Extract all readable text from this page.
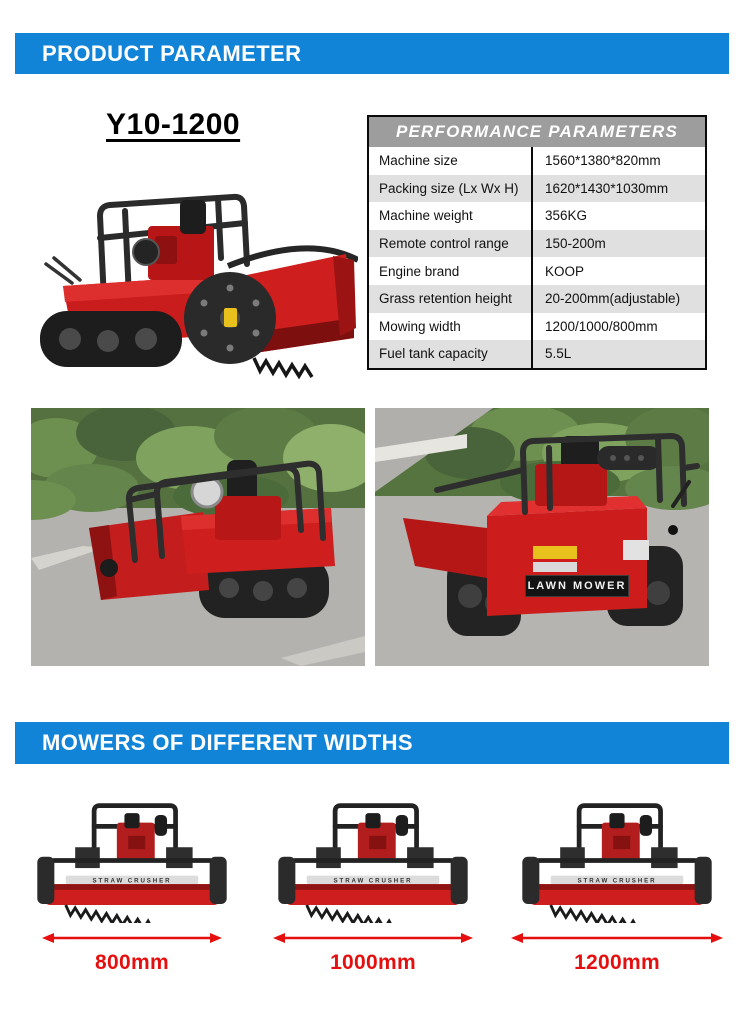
PRODUCT PARAMETER
Y10-1200	PERFORMANCE PARAMETERS
Machine size	1560*1380*820mm
Packing size (Lx Wx H)	1620*1430*1030mm
Machine weight	356KG
Remote control range	150-200m
Engine brand	KOOP
Grass retention height	20-200mm(adjustable)
Mowing width	1200/1000/800mm
Fuel tank capacity	5.5L
LAWN MOWER
MOWERS OF DIFFERENT WIDTHS
STRAW CRUSHER
800mm
STRAW CRUSHER
1000mm
STRAW CRUSHER
1200mm
